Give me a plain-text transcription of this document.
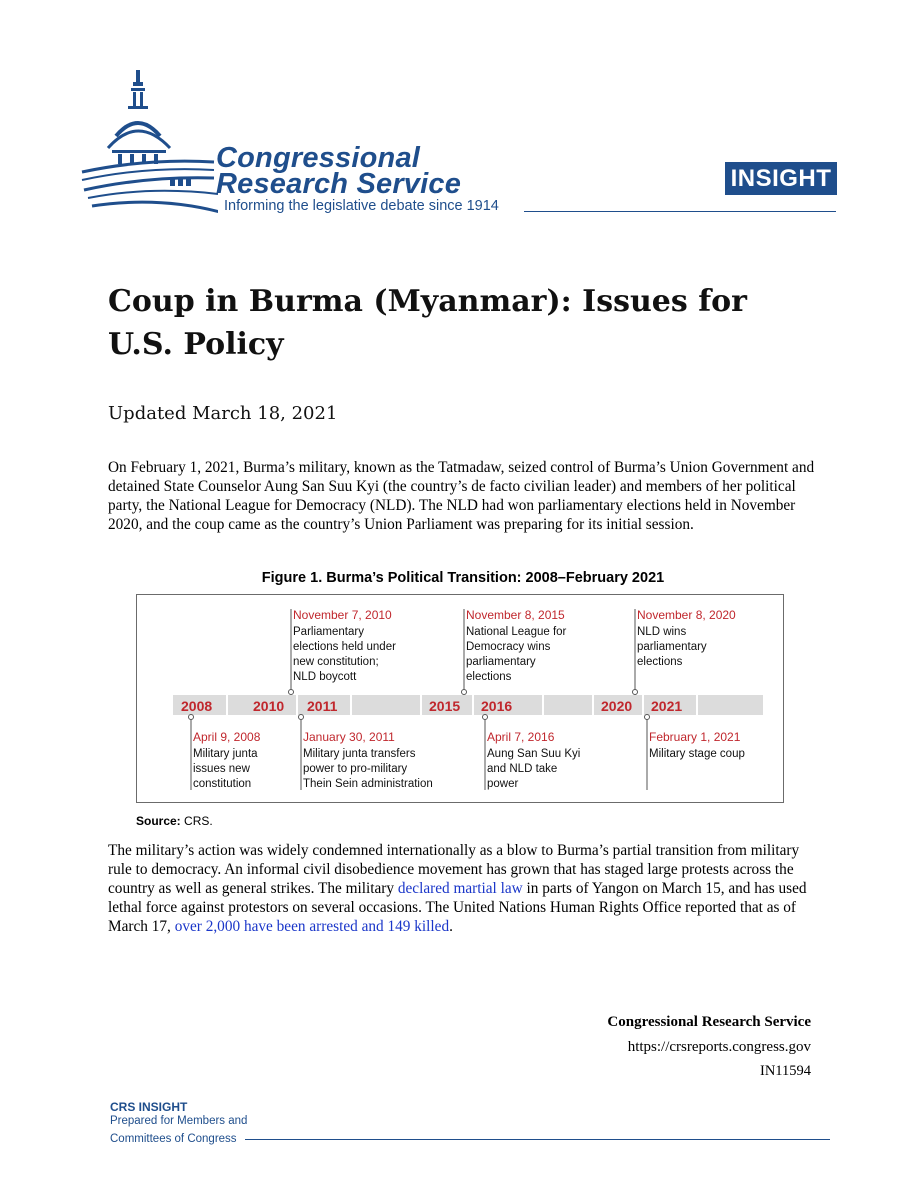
Congressional
Research Service
Informing the legislative debate since 1914
INSIGHT
Coup in Burma (Myanmar): Issues for U.S. Policy
Updated March 18, 2021

On February 1, 2021, Burma’s military, known as the Tatmadaw, seized control of Burma’s Union Government and detained State Counselor Aung San Suu Kyi (the country’s de facto civilian leader) and members of her political party, the National League for Democracy (NLD). The NLD had won parliamentary elections held in November 2020, and the coup came as the country’s Union Parliament was preparing for its initial session.

Figure 1. Burma’s Political Transition: 2008–February 2021
2008	2010 2011	2015 2016	2020 2021
November 7, 2010
Parliamentary
elections held under
new constitution;
NLD boycott
November 8, 2015
National League for
Democracy wins
parliamentary
elections
November 8, 2020
NLD wins
parliamentary
elections
April 9, 2008
Military junta
issues new
constitution
January 30, 2011
Military junta transfers
power to pro-military
Thein Sein administration
April 7, 2016
Aung San Suu Kyi
and NLD take
power
February 1, 2021
Military stage coup
Source: CRS.

The military’s action was widely condemned internationally as a blow to Burma’s partial transition from military rule to democracy. An informal civil disobedience movement has grown that has staged large protests across the country as well as general strikes. The military declared martial law in parts of Yangon on March 15, and has used lethal force against protestors on several occasions. The United Nations Human Rights Office reported that as of March 17, over 2,000 have been arrested and 149 killed.

Congressional Research Service
https://crsreports.congress.gov
IN11594
CRS INSIGHT
Prepared for Members and
Committees of Congress
